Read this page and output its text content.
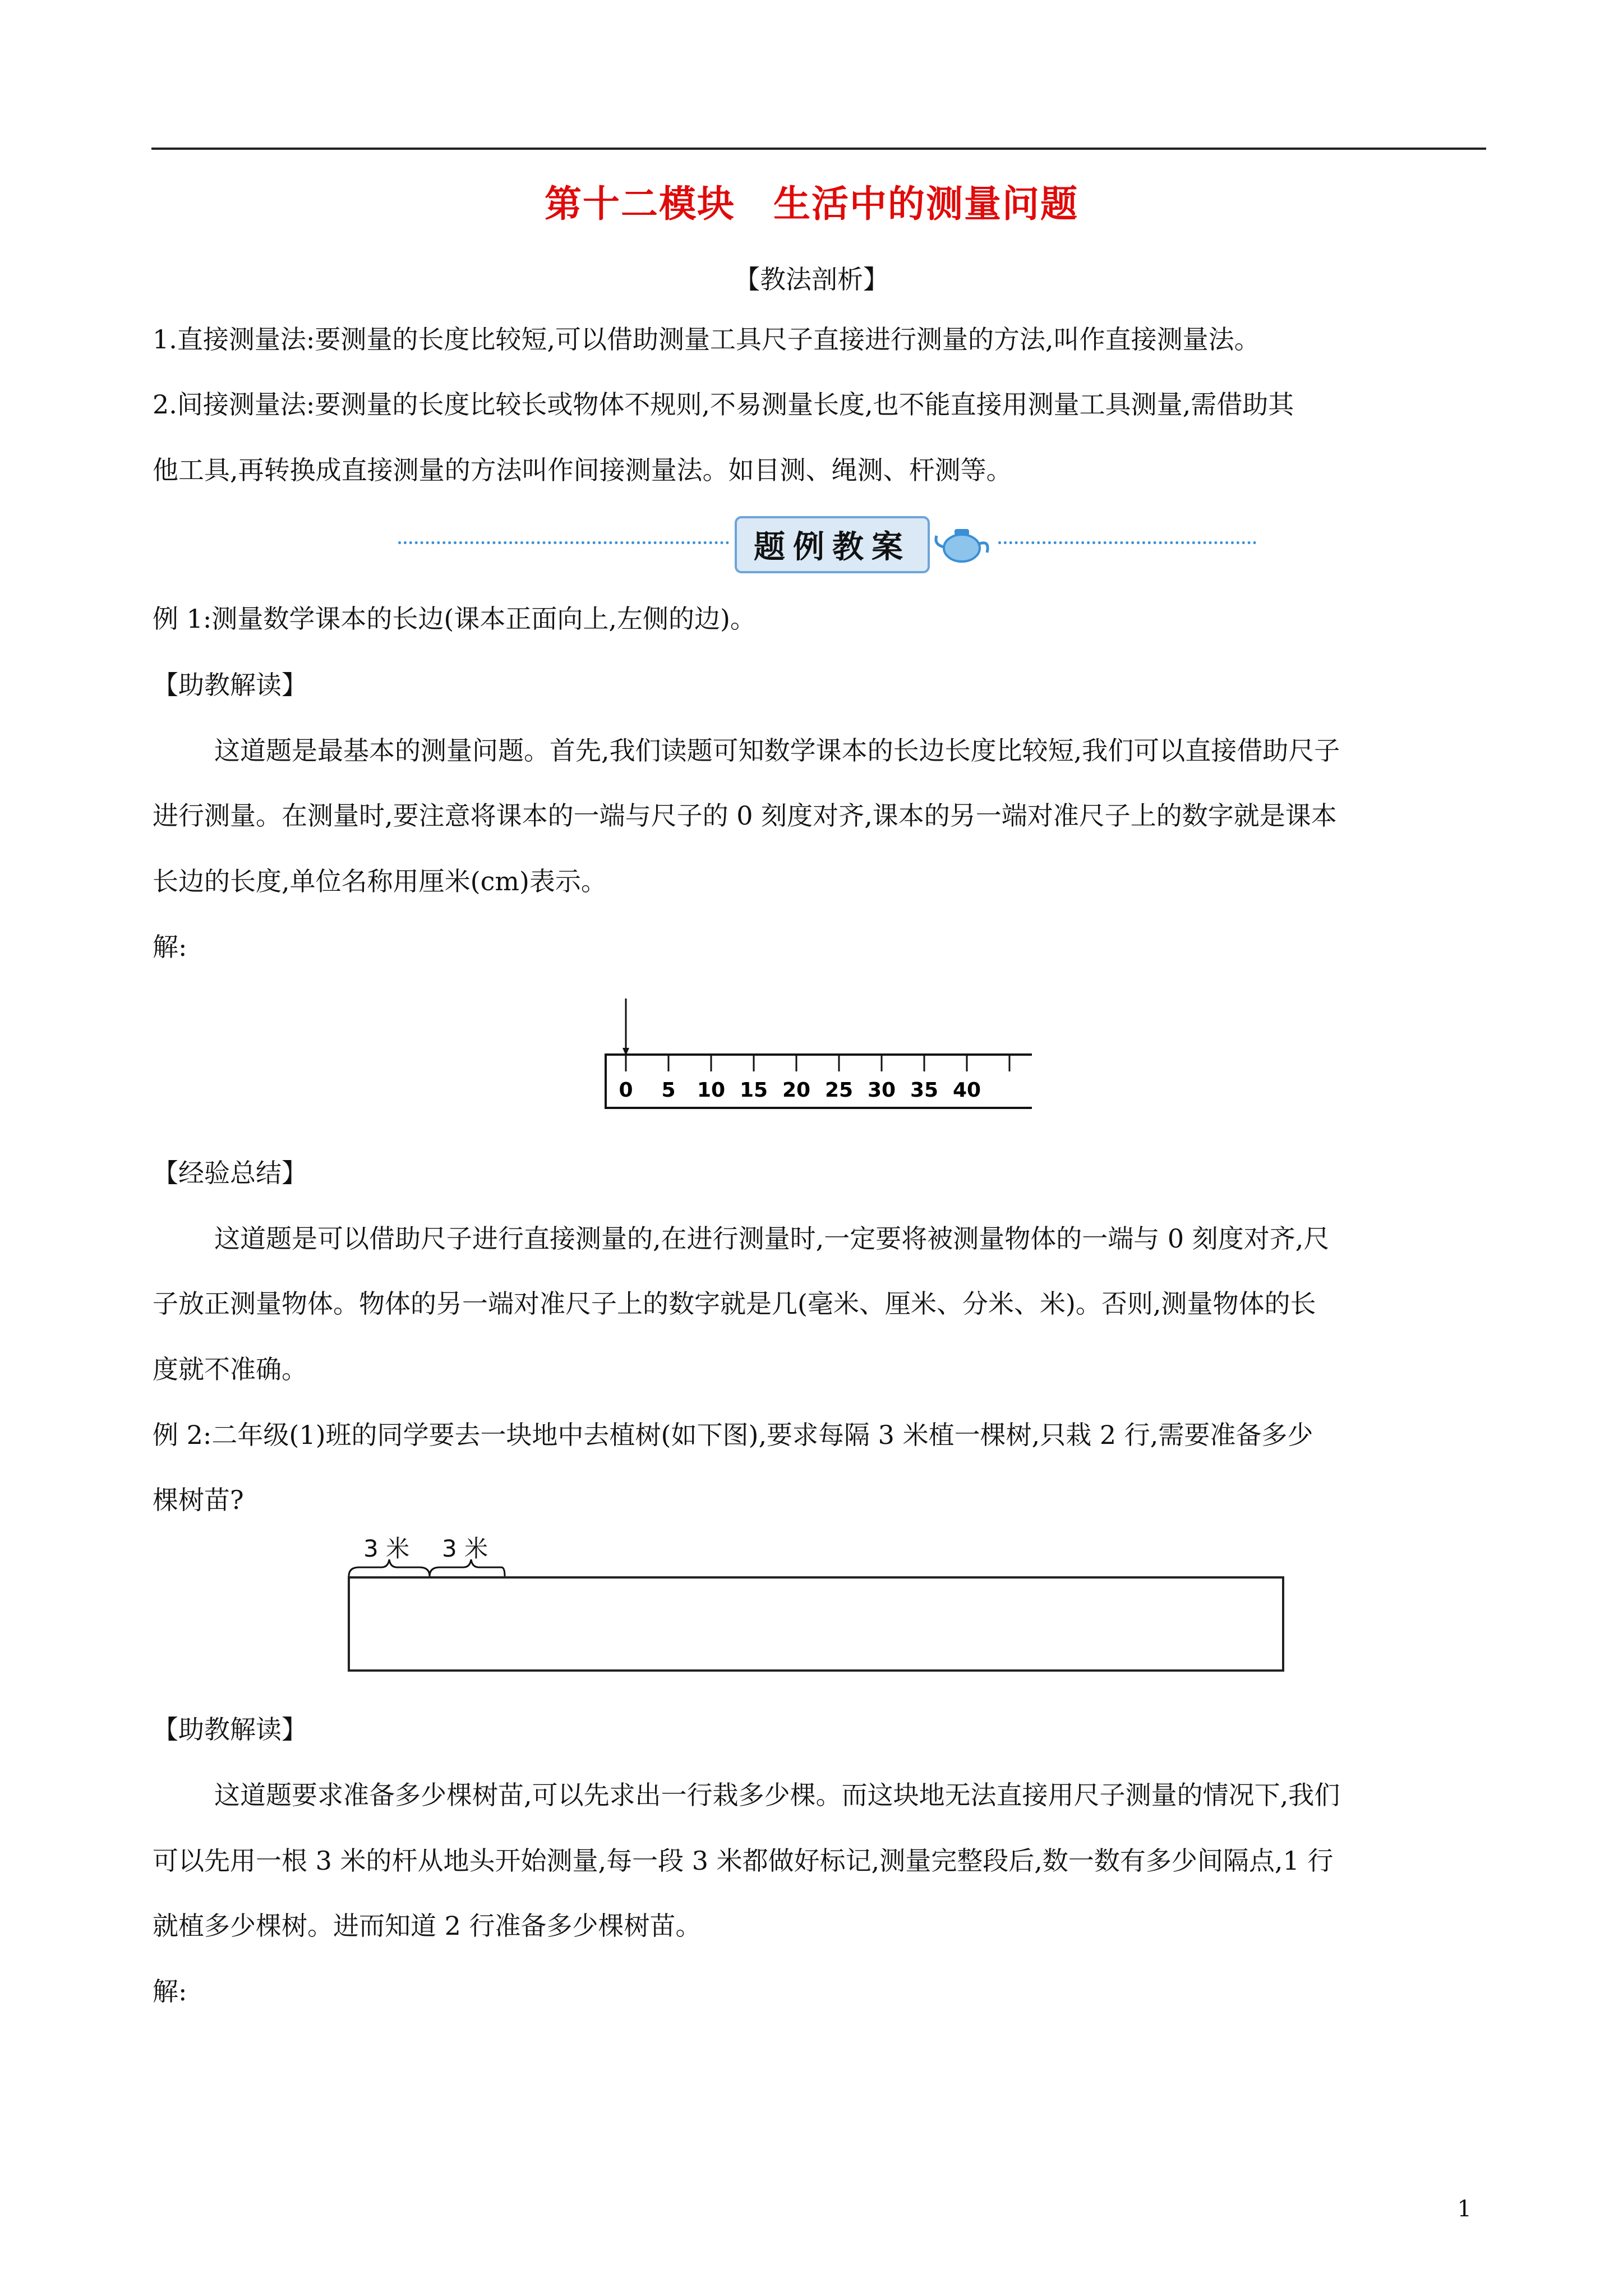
第十二模块　生活中的测量问题
【教法剖析】
1.直接测量法:要测量的长度比较短,可以借助测量工具尺子直接进行测量的方法,叫作直接测量法。
2.间接测量法:要测量的长度比较长或物体不规则,不易测量长度,也不能直接用测量工具测量,需借助其
他工具,再转换成直接测量的方法叫作间接测量法。如目测、绳测、杆测等。
题例教案
例 1:测量数学课本的长边(课本正面向上,左侧的边)。
【助教解读】
这道题是最基本的测量问题。首先,我们读题可知数学课本的长边长度比较短,我们可以直接借助尺子
进行测量。在测量时,要注意将课本的一端与尺子的 0 刻度对齐,课本的另一端对准尺子上的数字就是课本
长边的长度,单位名称用厘米(cm)表示。
解:
0 5 10 15 20 25 30 35 40
【经验总结】
这道题是可以借助尺子进行直接测量的,在进行测量时,一定要将被测量物体的一端与 0 刻度对齐,尺
子放正测量物体。物体的另一端对准尺子上的数字就是几(毫米、厘米、分米、米)。否则,测量物体的长
度就不准确。
例 2:二年级(1)班的同学要去一块地中去植树(如下图),要求每隔 3 米植一棵树,只栽 2 行,需要准备多少
棵树苗?
3 米 3 米
【助教解读】
这道题要求准备多少棵树苗,可以先求出一行栽多少棵。而这块地无法直接用尺子测量的情况下,我们
可以先用一根 3 米的杆从地头开始测量,每一段 3 米都做好标记,测量完整段后,数一数有多少间隔点,1 行
就植多少棵树。进而知道 2 行准备多少棵树苗。
解:
1
